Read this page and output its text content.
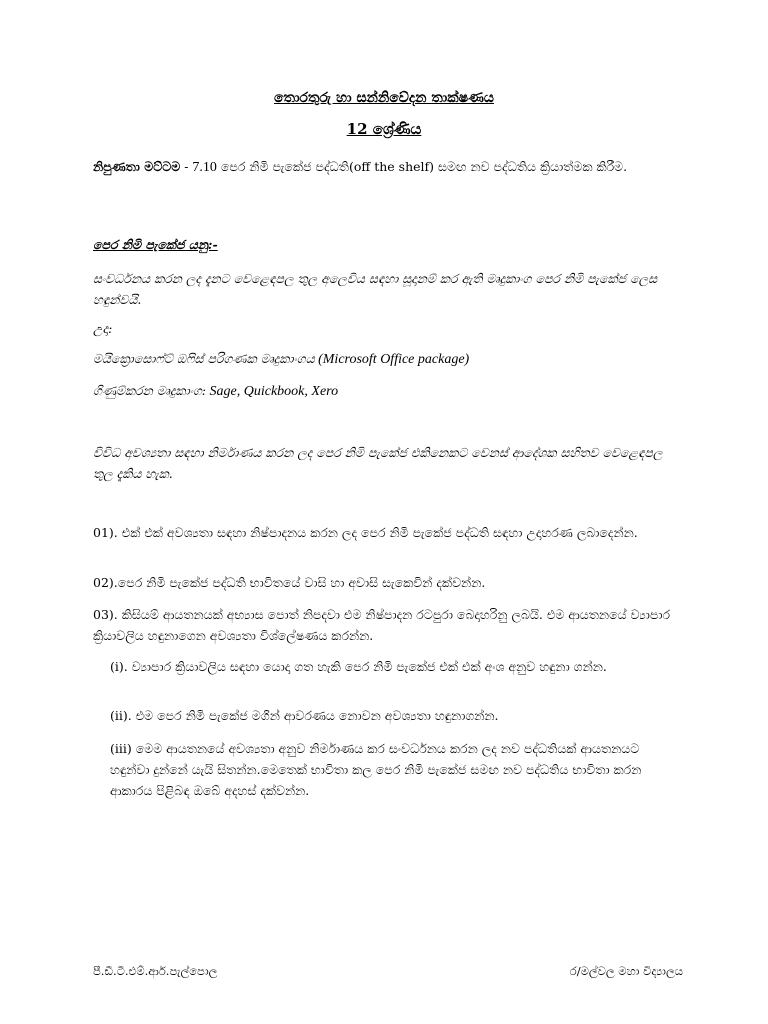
තොරතුරු හා සන්නිවේදන තාක්ෂණය
12 ශ්‍රේණිය
නිපුණතා මට්ටම - 7.10 පෙර නිමි පැකේජ පද්ධති(off the shelf) සමඟ නව පද්ධතිය ක්‍රියාත්මක කිරීම.
පෙර නිමි පැකේජ යනු:-
සංවර්ධනය කරන ලද දැනට වෙළෙඳපල තුල අලෙවිය සඳහා සූදානම් කර ඇති මෘදුකාංග පෙර නිමි පැකේජ ලෙස හඳුන්වයි.
උදා:
මයික්‍රොසොෆ්ට් ඔෆිස් පරිගණක මෘදුකාංගය (Microsoft Office package)
ගිණුම්කරන මෘදුකාංග: Sage, Quickbook, Xero
විවිධ අවශ්‍යතා සඳහා නිර්මාණය කරන ලද පෙර නිමි පැකේජ එකිනෙකට වෙනස් ආදේශක සහිතව වෙළෙඳපල තුල දැකිය හැක.
01). එක් එක් අවශ්‍යතා සඳහා නිෂ්පාදනය කරන ලද පෙර නිමි පැකේජ පද්ධති සඳහා උදාහරණ ලබාදෙන්න.
02).පෙර නිමි පැකේජ පද්ධති භාවිතයේ වාසි හා අවාසි සැකෙවින් දක්වන්න.
03). කිසියම් ආයතනයක් අභ්‍යාස පොත් නිපදවා එම නිෂ්පාදන රටපුරා බෙදාහරිනු ලබයි. එම ආයතනයේ ව්‍යාපාර ක්‍රියාවලිය හඳුනාගෙන අවශ්‍යතා විශ්ලේෂණය කරන්න.
(i). ව්‍යාපාර ක්‍රියාවලිය සඳහා යොදා ගත හැකි පෙර නිමි පැකේජ එක් එක් අංශ අනුව හඳුනා ගන්න.
(ii). එම පෙර නිමි පැකේජ මගින් ආවරණය නොවන අවශ්‍යතා හඳුනාගන්න.
(iii) මෙම ආයතනයේ අවශ්‍යතා අනුව නිර්මාණය කර සංවර්ධනය කරන ලද නව පද්ධතියක් ආයතනයට හඳුන්වා දුන්නේ යැයි සිතන්න.මෙතෙක් භාවිතා කල පෙර නිමි පැකේජ සමඟ නව පද්ධතිය භාවිතා කරන ආකාරය පිළිබඳ ඔබේ අදහස් දක්වන්න.
පී.ඩී.ටී.එම්.ආර්.පැල්පොල	ර/මල්වල මහා විද්‍යාලය
